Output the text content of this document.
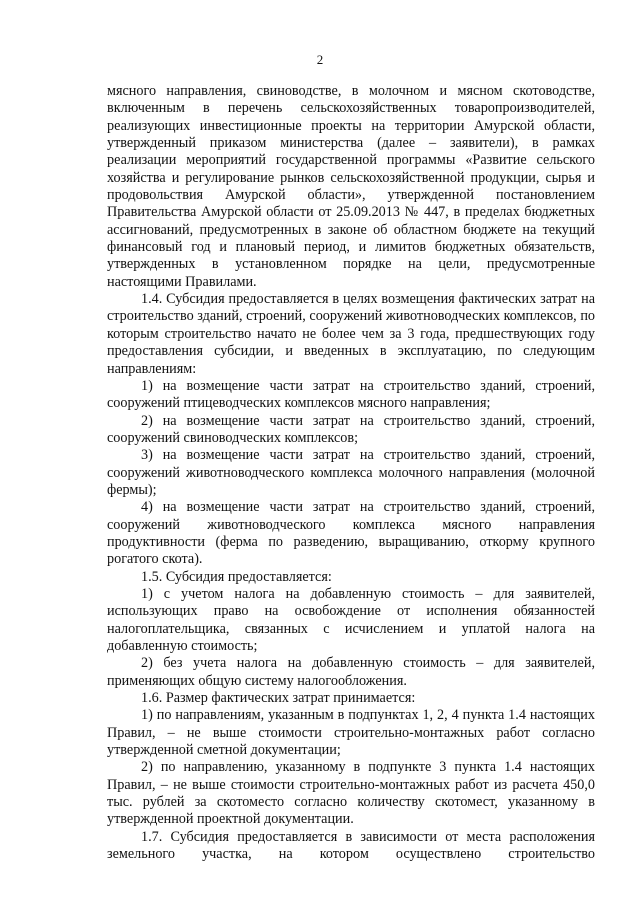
2

мясного направления, свиноводстве, в молочном и мясном скотоводстве, включенным в перечень сельскохозяйственных товаропроизводителей, реализующих инвестиционные проекты на территории Амурской области, утвержденный приказом министерства (далее – заявители), в рамках реализации мероприятий государственной программы «Развитие сельского хозяйства и регулирование рынков сельскохозяйственной продукции, сырья и продовольствия Амурской области», утвержденной постановлением Правительства Амурской области от 25.09.2013 № 447, в пределах бюджетных ассигнований, предусмотренных в законе об областном бюджете на текущий финансовый год и плановый период, и лимитов бюджетных обязательств, утвержденных в установленном порядке на цели, предусмотренные настоящими Правилами.

1.4. Субсидия предоставляется в целях возмещения фактических затрат на строительство зданий, строений, сооружений животноводческих комплексов, по которым строительство начато не более чем за 3 года, предшествующих году предоставления субсидии, и введенных в эксплуатацию, по следующим направлениям:

1) на возмещение части затрат на строительство зданий, строений, сооружений птицеводческих комплексов мясного направления;

2) на возмещение части затрат на строительство зданий, строений, сооружений свиноводческих комплексов;

3) на возмещение части затрат на строительство зданий, строений, сооружений животноводческого комплекса молочного направления (молочной фермы);

4) на возмещение части затрат на строительство зданий, строений, сооружений животноводческого комплекса мясного направления продуктивности (ферма по разведению, выращиванию, откорму крупного рогатого скота).

1.5. Субсидия предоставляется:

1) с учетом налога на добавленную стоимость – для заявителей, использующих право на освобождение от исполнения обязанностей налогоплательщика, связанных с исчислением и уплатой налога на добавленную стоимость;

2) без учета налога на добавленную стоимость – для заявителей, применяющих общую систему налогообложения.

1.6. Размер фактических затрат принимается:

1) по направлениям, указанным в подпунктах 1, 2, 4 пункта 1.4 настоящих Правил, – не выше стоимости строительно-монтажных работ согласно утвержденной сметной документации;

2) по направлению, указанному в подпункте 3 пункта 1.4 настоящих Правил, – не выше стоимости строительно-монтажных работ из расчета 450,0 тыс. рублей за скотоместо согласно количеству скотомест, указанному в утвержденной проектной документации.

1.7. Субсидия предоставляется в зависимости от места расположения земельного участка, на котором осуществлено строительство
